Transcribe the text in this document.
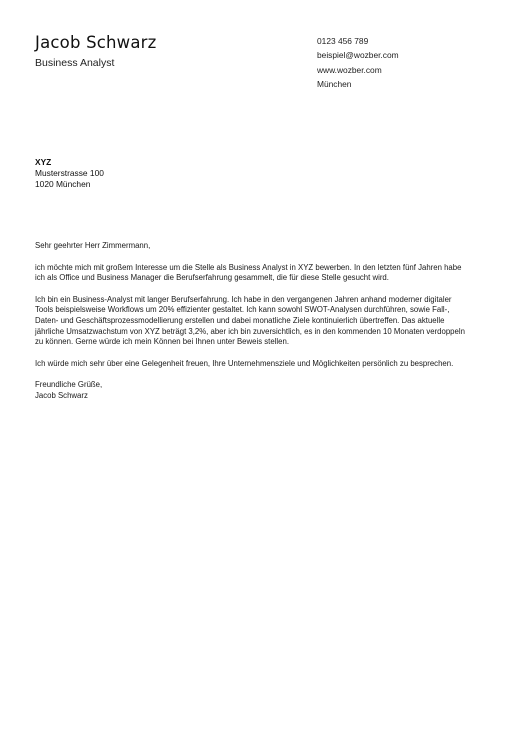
Jacob Schwarz
Business Analyst
0123 456 789
beispiel@wozber.com
www.wozber.com
München
XYZ
Musterstrasse 100
1020 München

Sehr geehrter Herr Zimmermann,

ich möchte mich mit großem Interesse um die Stelle als Business Analyst in XYZ bewerben. In den letzten fünf Jahren habe ich als Office und Business Manager die Berufserfahrung gesammelt, die für diese Stelle gesucht wird.

Ich bin ein Business-Analyst mit langer Berufserfahrung. Ich habe in den vergangenen Jahren anhand moderner digitaler Tools beispielsweise Workflows um 20% effizienter gestaltet. Ich kann sowohl SWOT-Analysen durchführen, sowie Fall-, Daten- und Geschäftsprozessmodellierung erstellen und dabei monatliche Ziele kontinuierlich übertreffen. Das aktuelle jährliche Umsatzwachstum von XYZ beträgt 3,2%, aber ich bin zuversichtlich, es in den kommenden 10 Monaten verdoppeln zu können. Gerne würde ich mein Können bei Ihnen unter Beweis stellen.

Ich würde mich sehr über eine Gelegenheit freuen, Ihre Unternehmensziele und Möglichkeiten persönlich zu besprechen.

Freundliche Grüße,
Jacob Schwarz
